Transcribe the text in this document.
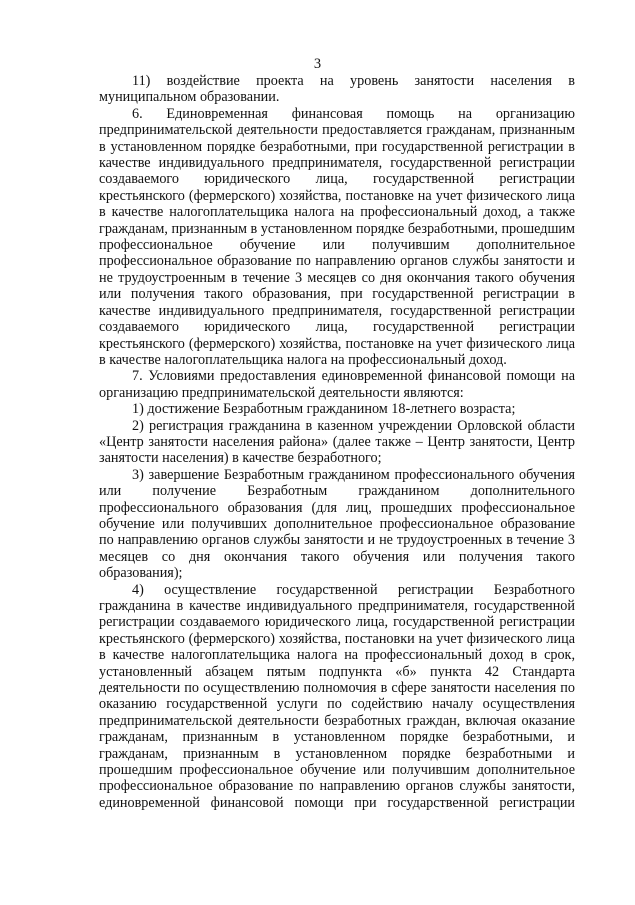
3

11) воздействие проекта на уровень занятости населения в муниципальном образовании.

6. Единовременная финансовая помощь на организацию предпринимательской деятельности предоставляется гражданам, признанным в установленном порядке безработными, при государственной регистрации в качестве индивидуального предпринимателя, государственной регистрации создаваемого юридического лица, государственной регистрации крестьянского (фермерского) хозяйства, постановке на учет физического лица в качестве налогоплательщика налога на профессиональный доход, а также гражданам, признанным в установленном порядке безработными, прошедшим профессиональное обучение или получившим дополнительное профессиональное образование по направлению органов службы занятости и не трудоустроенным в течение 3 месяцев со дня окончания такого обучения или получения такого образования, при государственной регистрации в качестве индивидуального предпринимателя, государственной регистрации создаваемого юридического лица, государственной регистрации крестьянского (фермерского) хозяйства, постановке на учет физического лица в качестве налогоплательщика налога на профессиональный доход.

7. Условиями предоставления единовременной финансовой помощи на организацию предпринимательской деятельности являются:

1) достижение Безработным гражданином 18-летнего возраста;

2) регистрация гражданина в казенном учреждении Орловской области «Центр занятости населения района» (далее также – Центр занятости, Центр занятости населения) в качестве безработного;

3) завершение Безработным гражданином профессионального обучения или получение Безработным гражданином дополнительного профессионального образования (для лиц, прошедших профессиональное обучение или получивших дополнительное профессиональное образование по направлению органов службы занятости и не трудоустроенных в течение 3 месяцев со дня окончания такого обучения или получения такого образования);

4) осуществление государственной регистрации Безработного гражданина в качестве индивидуального предпринимателя, государственной регистрации создаваемого юридического лица, государственной регистрации крестьянского (фермерского) хозяйства, постановки на учет физического лица в качестве налогоплательщика налога на профессиональный доход в срок, установленный абзацем пятым подпункта «б» пункта 42 Стандарта деятельности по осуществлению полномочия в сфере занятости населения по оказанию государственной услуги по содействию началу осуществления предпринимательской деятельности безработных граждан, включая оказание гражданам, признанным в установленном порядке безработными, и гражданам, признанным в установленном порядке безработными и прошедшим профессиональное обучение или получившим дополнительное профессиональное образование по направлению органов службы занятости, единовременной финансовой помощи при государственной регистрации
